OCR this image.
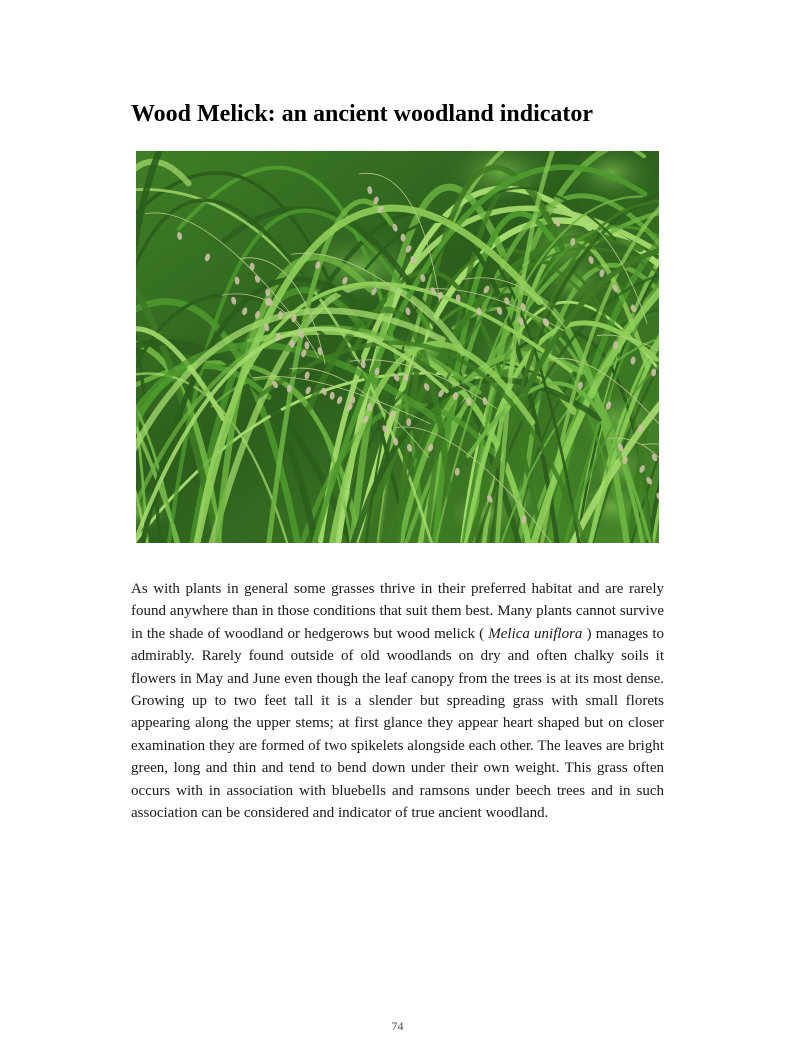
Wood Melick: an ancient woodland indicator

As with plants in general some grasses thrive in their preferred habitat and are rarely found anywhere than in those conditions that suit them best. Many plants cannot survive in the shade of woodland or hedgerows but wood melick ( Melica uniflora ) manages to admirably. Rarely found outside of old woodlands on dry and often chalky soils it flowers in May and June even though the leaf canopy from the trees is at its most dense. Growing up to two feet tall it is a slender but spreading grass with small florets appearing along the upper stems; at first glance they appear heart shaped but on closer examination they are formed of two spikelets alongside each other. The leaves are bright green, long and thin and tend to bend down under their own weight. This grass often occurs with in association with bluebells and ramsons under beech trees and in such association can be considered and indicator of true ancient woodland.

74
